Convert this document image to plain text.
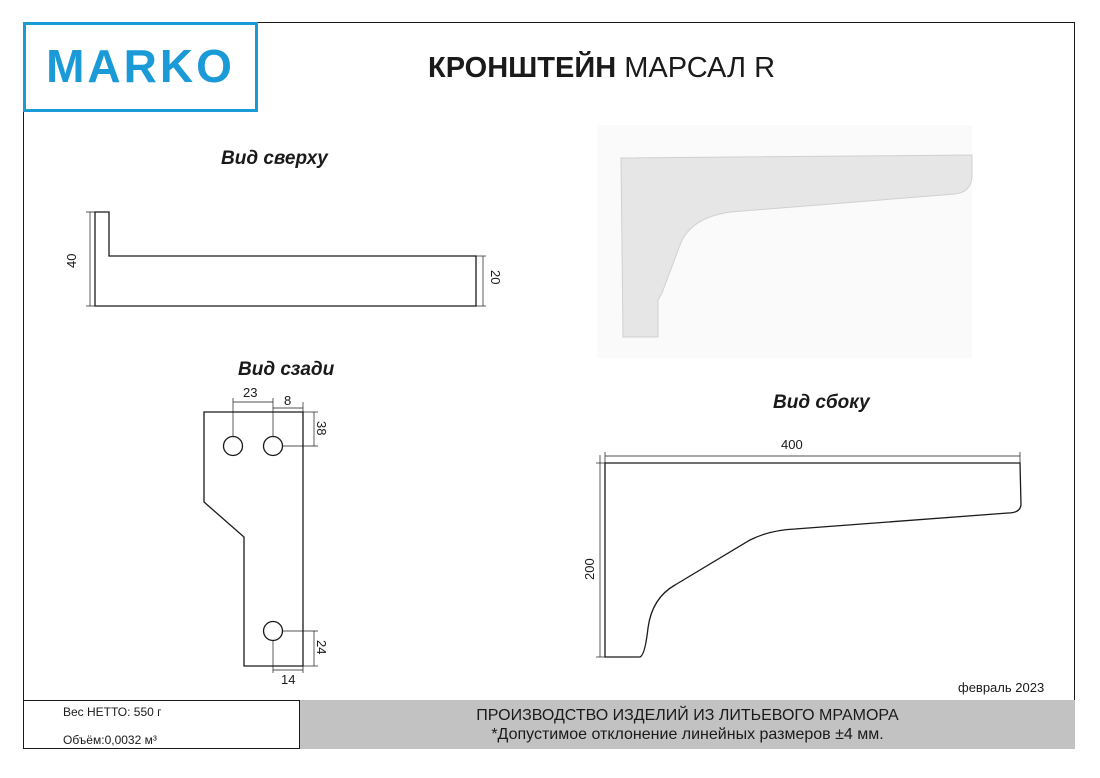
MARKO	КРОНШТЕЙН МАРСАЛ R
Вид сверху
Вид сзади
Вид сбоку
40
20
23
8
38
24
14
400
200
февраль 2023
Вес НЕТТО: 550 г
Объём:0,0032 м³
ПРОИЗВОДСТВО ИЗДЕЛИЙ ИЗ ЛИТЬЕВОГО МРАМОРА
*Допустимое отклонение линейных размеров ±4 мм.
